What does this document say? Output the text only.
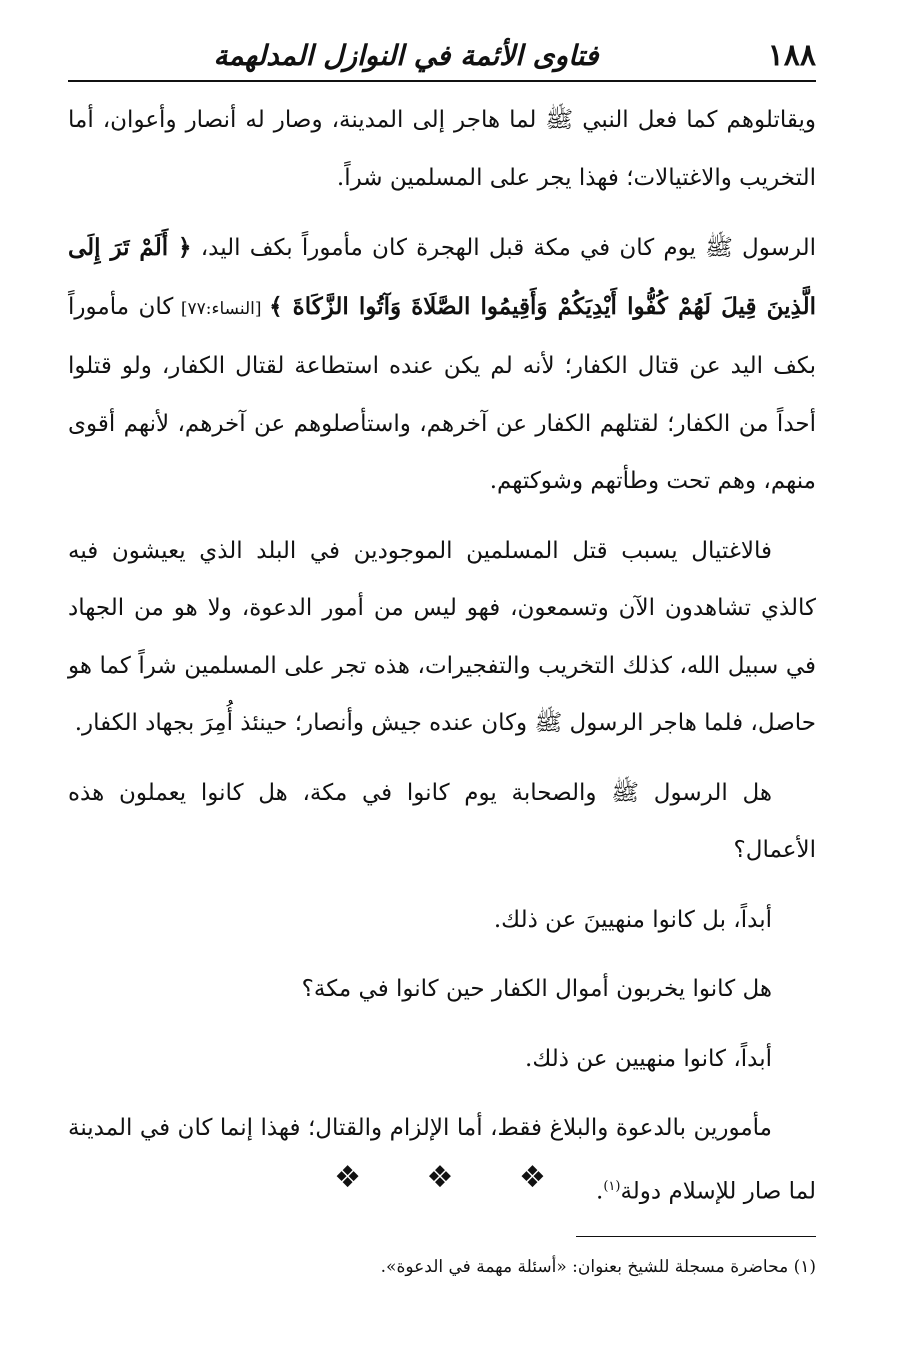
١٨٨
فتاوى الأئمة في النوازل المدلهمة

ويقاتلوهم كما فعل النبي ﷺ لما هاجر إلى المدينة، وصار له أنصار وأعوان، أما التخريب والاغتيالات؛ فهذا يجر على المسلمين شراً.

الرسول ﷺ يوم كان في مكة قبل الهجرة كان مأموراً بكف اليد، ﴿ أَلَمْ تَرَ إِلَى الَّذِينَ قِيلَ لَهُمْ كُفُّوا أَيْدِيَكُمْ وَأَقِيمُوا الصَّلَاةَ وَآتُوا الزَّكَاةَ ﴾ [النساء:٧٧] كان مأموراً بكف اليد عن قتال الكفار؛ لأنه لم يكن عنده استطاعة لقتال الكفار، ولو قتلوا أحداً من الكفار؛ لقتلهم الكفار عن آخرهم، واستأصلوهم عن آخرهم، لأنهم أقوى منهم، وهم تحت وطأتهم وشوكتهم.

فالاغتيال يسبب قتل المسلمين الموجودين في البلد الذي يعيشون فيه كالذي تشاهدون الآن وتسمعون، فهو ليس من أمور الدعوة، ولا هو من الجهاد في سبيل الله، كذلك التخريب والتفجيرات، هذه تجر على المسلمين شراً كما هو حاصل، فلما هاجر الرسول ﷺ وكان عنده جيش وأنصار؛ حينئذ أُمِرَ بجهاد الكفار.

هل الرسول ﷺ والصحابة يوم كانوا في مكة، هل كانوا يعملون هذه الأعمال؟

أبداً، بل كانوا منهيينَ عن ذلك.

هل كانوا يخربون أموال الكفار حين كانوا في مكة؟

أبداً، كانوا منهيين عن ذلك.

مأمورين بالدعوة والبلاغ فقط، أما الإلزام والقتال؛ فهذا إنما كان في المدينة لما صار للإسلام دولة$^{(١)}$.

❖ ❖ ❖
(١) محاضرة مسجلة للشيخ بعنوان: «أسئلة مهمة في الدعوة».
